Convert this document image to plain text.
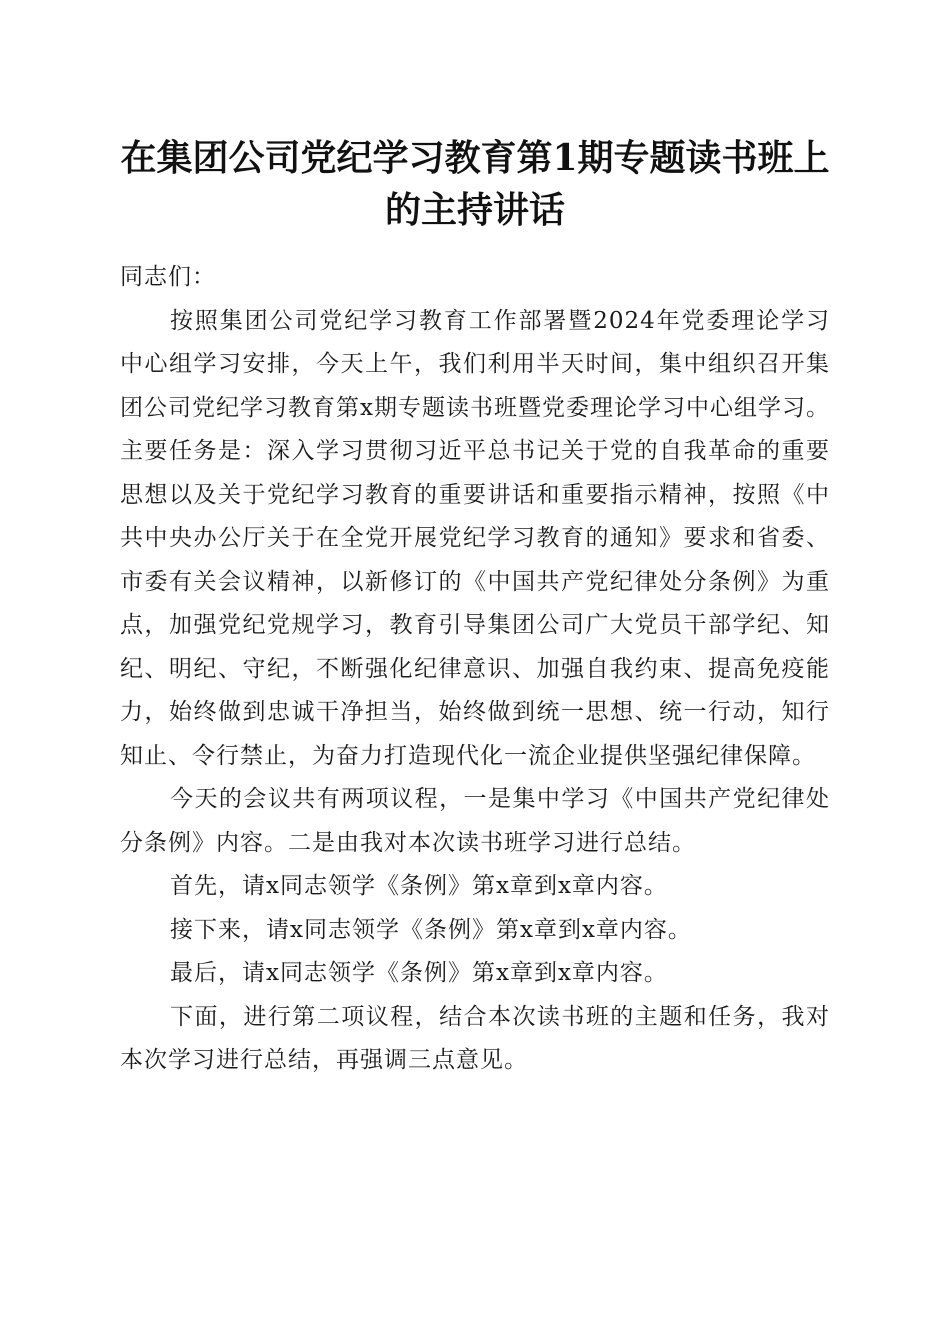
在集团公司党纪学习教育第1期专题读书班上
的主持讲话

同志们：

按照集团公司党纪学习教育工作部署暨2024年党委理论学习中心组学习安排，今天上午，我们利用半天时间，集中组织召开集团公司党纪学习教育第x期专题读书班暨党委理论学习中心组学习。主要任务是：深入学习贯彻习近平总书记关于党的自我革命的重要思想以及关于党纪学习教育的重要讲话和重要指示精神，按照《中共中央办公厅关于在全党开展党纪学习教育的通知》要求和省委、市委有关会议精神，以新修订的《中国共产党纪律处分条例》为重点，加强党纪党规学习，教育引导集团公司广大党员干部学纪、知纪、明纪、守纪，不断强化纪律意识、加强自我约束、提高免疫能力，始终做到忠诚干净担当，始终做到统一思想、统一行动，知行知止、令行禁止，为奋力打造现代化一流企业提供坚强纪律保障。

今天的会议共有两项议程，一是集中学习《中国共产党纪律处分条例》内容。二是由我对本次读书班学习进行总结。

首先，请x同志领学《条例》第x章到x章内容。

接下来，请x同志领学《条例》第x章到x章内容。

最后，请x同志领学《条例》第x章到x章内容。

下面，进行第二项议程，结合本次读书班的主题和任务，我对本次学习进行总结，再强调三点意见。
